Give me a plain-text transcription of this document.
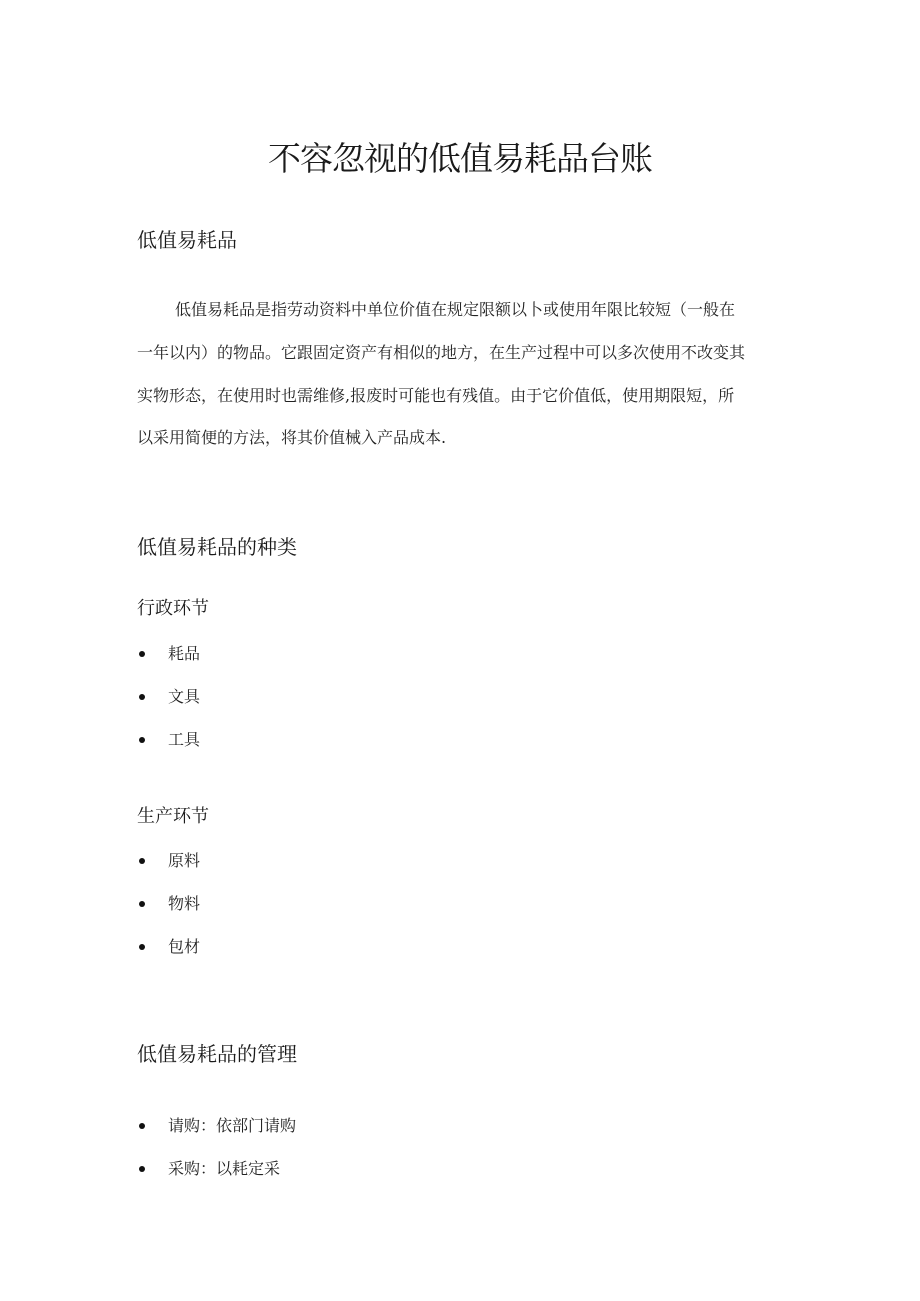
不容忽视的低值易耗品台账
低值易耗品

低值易耗品是指劳动资料中单位价值在规定限额以卜或使用年限比较短（一般在
一年以内）的物品。它跟固定资产有相似的地方，在生产过程中可以多次使用不改变其
实物形态，在使用时也需维修,报废时可能也有残值。由于它价值低，使用期限短，所
以采用简便的方法，将其价值械入产品成本.

低值易耗品的种类
行政环节
耗品
文具
工具
生产环节
原料
物料
包材
低值易耗品的管理
请购：依部门请购
采购：以耗定采
